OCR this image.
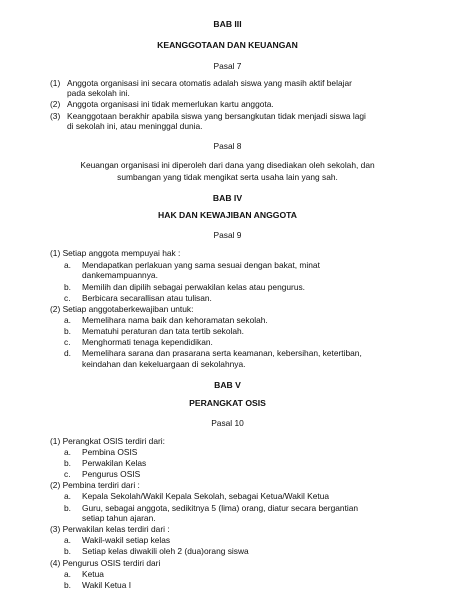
BAB III
KEANGGOTAAN DAN KEUANGAN
Pasal 7
(1) Anggota organisasi ini secara otomatis adalah siswa yang masih aktif belajar
pada sekolah ini.
(2) Anggota organisasi ini tidak memerlukan kartu anggota.
(3) Keanggotaan berakhir apabila siswa yang bersangkutan tidak menjadi siswa lagi
di sekolah ini, atau meninggal dunia.
Pasal 8
Keuangan organisasi ini diperoleh dari dana yang disediakan oleh sekolah, dan
sumbangan yang tidak mengikat serta usaha lain yang sah.
BAB IV
HAK DAN KEWAJIBAN ANGGOTA
Pasal 9
(1) Setiap anggota mempuyai hak :
a. Mendapatkan perlakuan yang sama sesuai dengan bakat, minat
dankemampuannya.
b. Memilih dan dipilih sebagai perwakilan kelas atau pengurus.
c. Berbicara secarallisan atau tulisan.
(2) Setiap anggotaberkewajiban untuk:
a. Memelihara nama baik dan kehoramatan sekolah.
b. Mematuhi peraturan dan tata tertib sekolah.
c. Menghormati tenaga kependidikan.
d. Memelihara sarana dan prasarana serta keamanan, kebersihan, ketertiban,
keindahan dan kekeluargaan di sekolahnya.
BAB V
PERANGKAT OSIS
Pasal 10
(1) Perangkat OSIS terdiri dari:
a. Pembina OSIS
b. Perwakilan Kelas
c. Pengurus OSIS
(2) Pembina terdiri dari :
a. Kepala Sekolah/Wakil Kepala Sekolah, sebagai Ketua/Wakil Ketua
b. Guru, sebagai anggota, sedikitnya 5 (lima) orang, diatur secara bergantian
setiap tahun ajaran.
(3) Perwakilan kelas terdiri dari :
a. Wakil-wakil setiap kelas
b. Setiap kelas diwakili oleh 2 (dua)orang siswa
(4) Pengurus OSIS terdiri dari
a. Ketua
b. Wakil Ketua I
